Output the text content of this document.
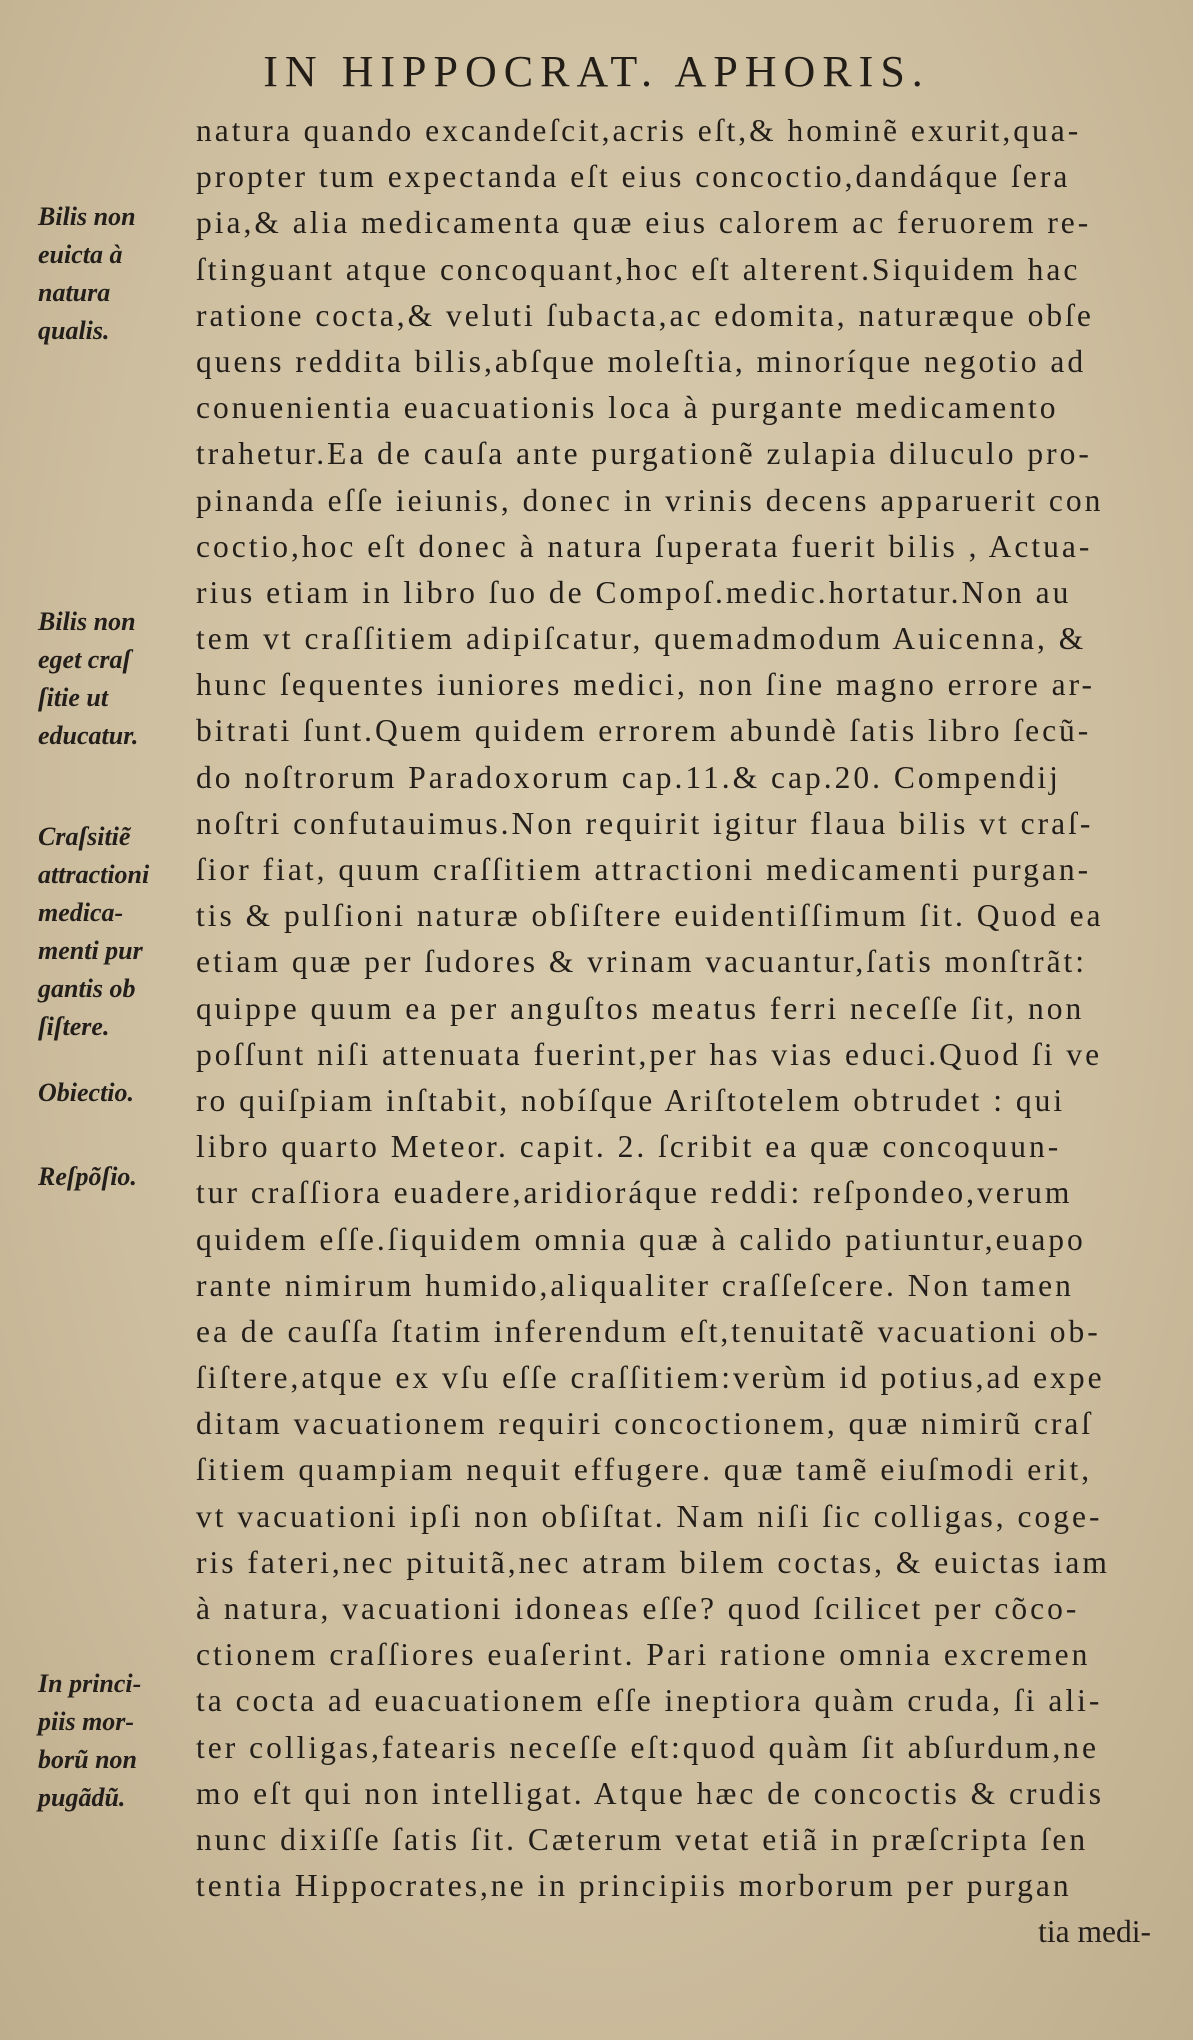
IN HIPPOCRAT. APHORIS.
natura quando excandeſcit,acris eſt,& hominẽ exurit,qua-
propter tum expectanda eſt eius concoctio,dandáque ſera
pia,& alia medicamenta quæ eius calorem ac feruorem re-
ſtinguant atque concoquant,hoc eſt alterent.Siquidem hac
ratione cocta,& veluti ſubacta,ac edomita, naturæque obſe
quens reddita bilis,abſque moleſtia, minoríque negotio ad
conuenientia euacuationis loca à purgante medicamento
trahetur.Ea de cauſa ante purgationẽ zulapia diluculo pro-
pinanda eſſe ieiunis, donec in vrinis decens apparuerit con
coctio,hoc eſt donec à natura ſuperata fuerit bilis , Actua-
rius etiam in libro ſuo de Compoſ.medic.hortatur.Non au
tem vt craſſitiem adipiſcatur, quemadmodum Auicenna, &
hunc ſequentes iuniores medici, non ſine magno errore ar-
bitrati ſunt.Quem quidem errorem abundè ſatis libro ſecũ-
do noſtrorum Paradoxorum cap.11.& cap.20. Compendij
noſtri confutauimus.Non requirit igitur flaua bilis vt craſ-
ſior fiat, quum craſſitiem attractioni medicamenti purgan-
tis & pulſioni naturæ obſiſtere euidentiſſimum ſit. Quod ea
etiam quæ per ſudores & vrinam vacuantur,ſatis monſtrãt:
quippe quum ea per anguſtos meatus ferri neceſſe ſit, non
poſſunt niſi attenuata fuerint,per has vias educi.Quod ſi ve
ro quiſpiam inſtabit, nobíſque Ariſtotelem obtrudet : qui
libro quarto Meteor. capit. 2. ſcribit ea quæ concoquun-
tur craſſiora euadere,aridioráque reddi: reſpondeo,verum
quidem eſſe.ſiquidem omnia quæ à calido patiuntur,euapo
rante nimirum humido,aliqualiter craſſeſcere. Non tamen
ea de cauſſa ſtatim inferendum eſt,tenuitatẽ vacuationi ob-
ſiſtere,atque ex vſu eſſe craſſitiem:verùm id potius,ad expe
ditam vacuationem requiri concoctionem, quæ nimirũ craſ
ſitiem quampiam nequit effugere. quæ tamẽ eiuſmodi erit,
vt vacuationi ipſi non obſiſtat. Nam niſi ſic colligas, coge-
ris fateri,nec pituitã,nec atram bilem coctas, & euictas iam
à natura, vacuationi idoneas eſſe? quod ſcilicet per cõco-
ctionem craſſiores euaſerint. Pari ratione omnia excremen
ta cocta ad euacuationem eſſe ineptiora quàm cruda, ſi ali-
ter colligas,fatearis neceſſe eſt:quod quàm ſit abſurdum,ne
mo eſt qui non intelligat. Atque hæc de concoctis & crudis
nunc dixiſſe ſatis ſit. Cæterum vetat etiã in præſcripta ſen
tentia Hippocrates,ne in principiis morborum per purgan
tia medi-
Bilis non
euicta à
natura
qualis.
Bilis non
eget craſ
ſitie ut
educatur.
Craſsitiẽ
attractioni
medica-
menti pur
gantis ob
ſiſtere.
Obiectio.
Reſpõſio.
In princi-
piis mor-
borũ non
pugãdũ.
